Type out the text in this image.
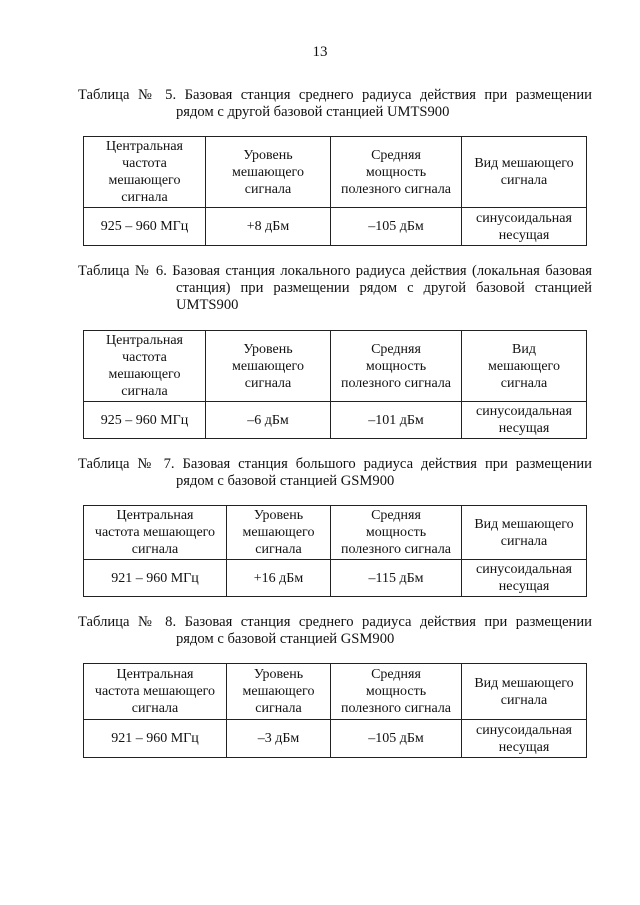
13
Таблица № 5. Базовая станция среднего радиуса действия при размещении
рядом с другой базовой станцией UMTS900
Центральная
частота
мешающего
сигнала	Уровень
мешающего
сигнала	Средняя
мощность
полезного сигнала	Вид мешающего
сигнала
925 – 960 МГц	+8 дБм	–105 дБм	синусоидальная
несущая
Таблица № 6. Базовая станция локального радиуса действия (локальная базовая
станция) при размещении рядом с другой базовой станцией
UMTS900
Центральная
частота
мешающего
сигнала	Уровень
мешающего
сигнала	Средняя
мощность
полезного сигнала	Вид
мешающего
сигнала
925 – 960 МГц	–6 дБм	–101 дБм	синусоидальная
несущая
Таблица № 7. Базовая станция большого радиуса действия при размещении
рядом с базовой станцией GSM900
Центральная
частота мешающего
сигнала	Уровень
мешающего
сигнала	Средняя
мощность
полезного сигнала	Вид мешающего
сигнала
921 – 960 МГц	+16 дБм	–115 дБм	синусоидальная
несущая
Таблица № 8. Базовая станция среднего радиуса действия при размещении
рядом с базовой станцией GSM900
Центральная
частота мешающего
сигнала	Уровень
мешающего
сигнала	Средняя
мощность
полезного сигнала	Вид мешающего
сигнала
921 – 960 МГц	–3 дБм	–105 дБм	синусоидальная
несущая
